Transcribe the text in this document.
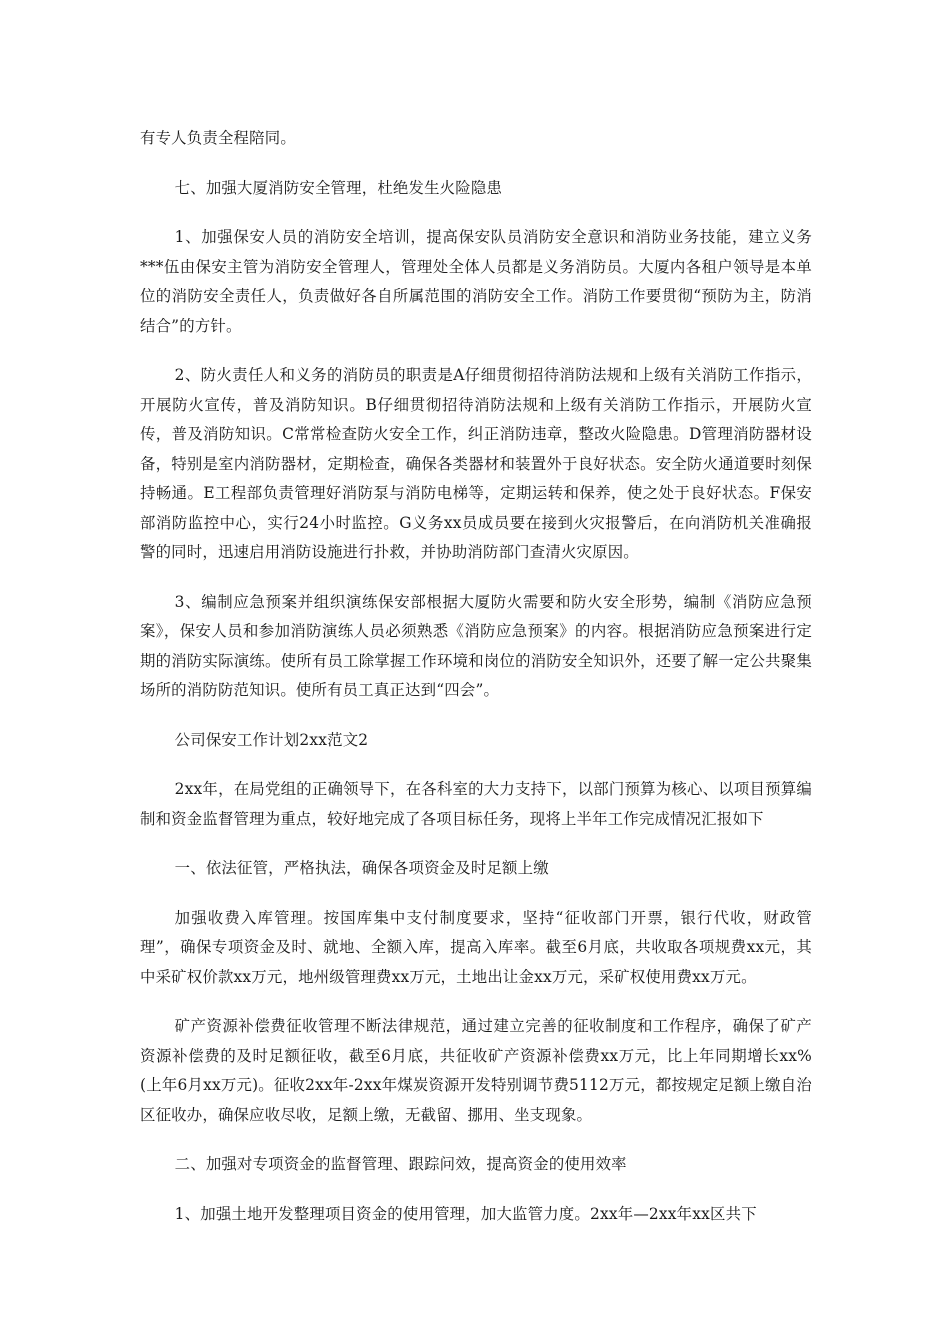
有专人负责全程陪同。

七、加强大厦消防安全管理，杜绝发生火险隐患

1、加强保安人员的消防安全培训，提高保安队员消防安全意识和消防业务技能，建立义务***伍由保安主管为消防安全管理人，管理处全体人员都是义务消防员。大厦内各租户领导是本单位的消防安全责任人，负责做好各自所属范围的消防安全工作。消防工作要贯彻“预防为主，防消结合”的方针。

2、防火责任人和义务的消防员的职责是A仔细贯彻招待消防法规和上级有关消防工作指示，开展防火宣传，普及消防知识。B仔细贯彻招待消防法规和上级有关消防工作指示，开展防火宣传，普及消防知识。C常常检查防火安全工作，纠正消防违章，整改火险隐患。D管理消防器材设备，特别是室内消防器材，定期检查，确保各类器材和装置外于良好状态。安全防火通道要时刻保持畅通。E工程部负责管理好消防泵与消防电梯等，定期运转和保养，使之处于良好状态。F保安部消防监控中心，实行24小时监控。G义务xx员成员要在接到火灾报警后，在向消防机关准确报警的同时，迅速启用消防设施进行扑救，并协助消防部门查清火灾原因。

3、编制应急预案并组织演练保安部根据大厦防火需要和防火安全形势，编制《消防应急预案》，保安人员和参加消防演练人员必须熟悉《消防应急预案》的内容。根据消防应急预案进行定期的消防实际演练。使所有员工除掌握工作环境和岗位的消防安全知识外，还要了解一定公共聚集场所的消防防范知识。使所有员工真正达到“四会”。

公司保安工作计划2xx范文2

2xx年，在局党组的正确领导下，在各科室的大力支持下，以部门预算为核心、以项目预算编制和资金监督管理为重点，较好地完成了各项目标任务，现将上半年工作完成情况汇报如下

一、依法征管，严格执法，确保各项资金及时足额上缴

加强收费入库管理。按国库集中支付制度要求，坚持“征收部门开票，银行代收，财政管理”，确保专项资金及时、就地、全额入库，提高入库率。截至6月底，共收取各项规费xx元，其中采矿权价款xx万元，地州级管理费xx万元，土地出让金xx万元，采矿权使用费xx万元。

矿产资源补偿费征收管理不断法律规范，通过建立完善的征收制度和工作程序，确保了矿产资源补偿费的及时足额征收，截至6月底，共征收矿产资源补偿费xx万元，比上年同期增长xx%(上年6月xx万元)。征收2xx年-2xx年煤炭资源开发特别调节费5112万元，都按规定足额上缴自治区征收办，确保应收尽收，足额上缴，无截留、挪用、坐支现象。

二、加强对专项资金的监督管理、跟踪问效，提高资金的使用效率

1、加强土地开发整理项目资金的使用管理，加大监管力度。2xx年—2xx年xx区共下
